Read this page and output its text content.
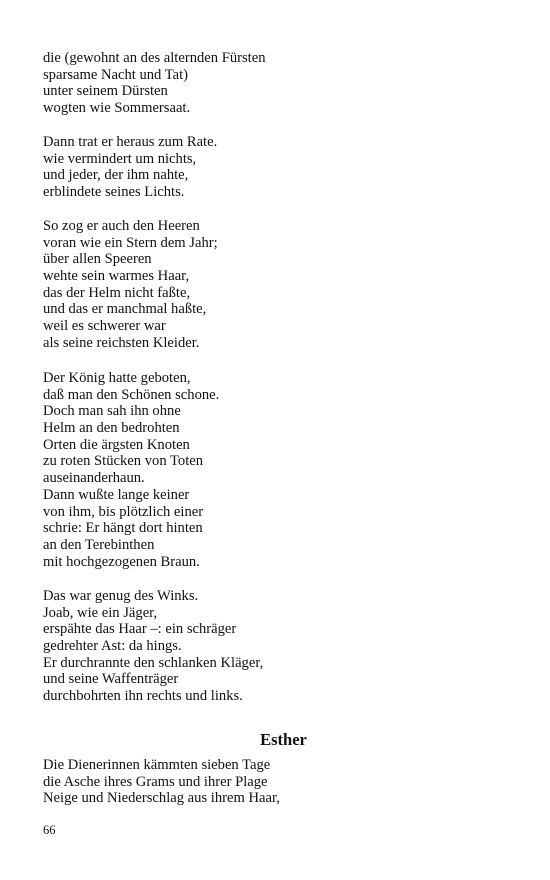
die (gewohnt an des alternden Fürsten
sparsame Nacht und Tat)
unter seinem Dürsten
wogten wie Sommersaat.
Dann trat er heraus zum Rate.
wie vermindert um nichts,
und jeder, der ihm nahte,
erblindete seines Lichts.
So zog er auch den Heeren
voran wie ein Stern dem Jahr;
über allen Speeren
wehte sein warmes Haar,
das der Helm nicht faßte,
und das er manchmal haßte,
weil es schwerer war
als seine reichsten Kleider.
Der König hatte geboten,
daß man den Schönen schone.
Doch man sah ihn ohne
Helm an den bedrohten
Orten die ärgsten Knoten
zu roten Stücken von Toten
auseinanderhaun.
Dann wußte lange keiner
von ihm, bis plötzlich einer
schrie: Er hängt dort hinten
an den Terebinthen
mit hochgezogenen Braun.
Das war genug des Winks.
Joab, wie ein Jäger,
erspähte das Haar –: ein schräger
gedrehter Ast: da hings.
Er durchrannte den schlanken Kläger,
und seine Waffenträger
durchbohrten ihn rechts und links.
Esther
Die Dienerinnen kämmten sieben Tage
die Asche ihres Grams und ihrer Plage
Neige und Niederschlag aus ihrem Haar,
66
